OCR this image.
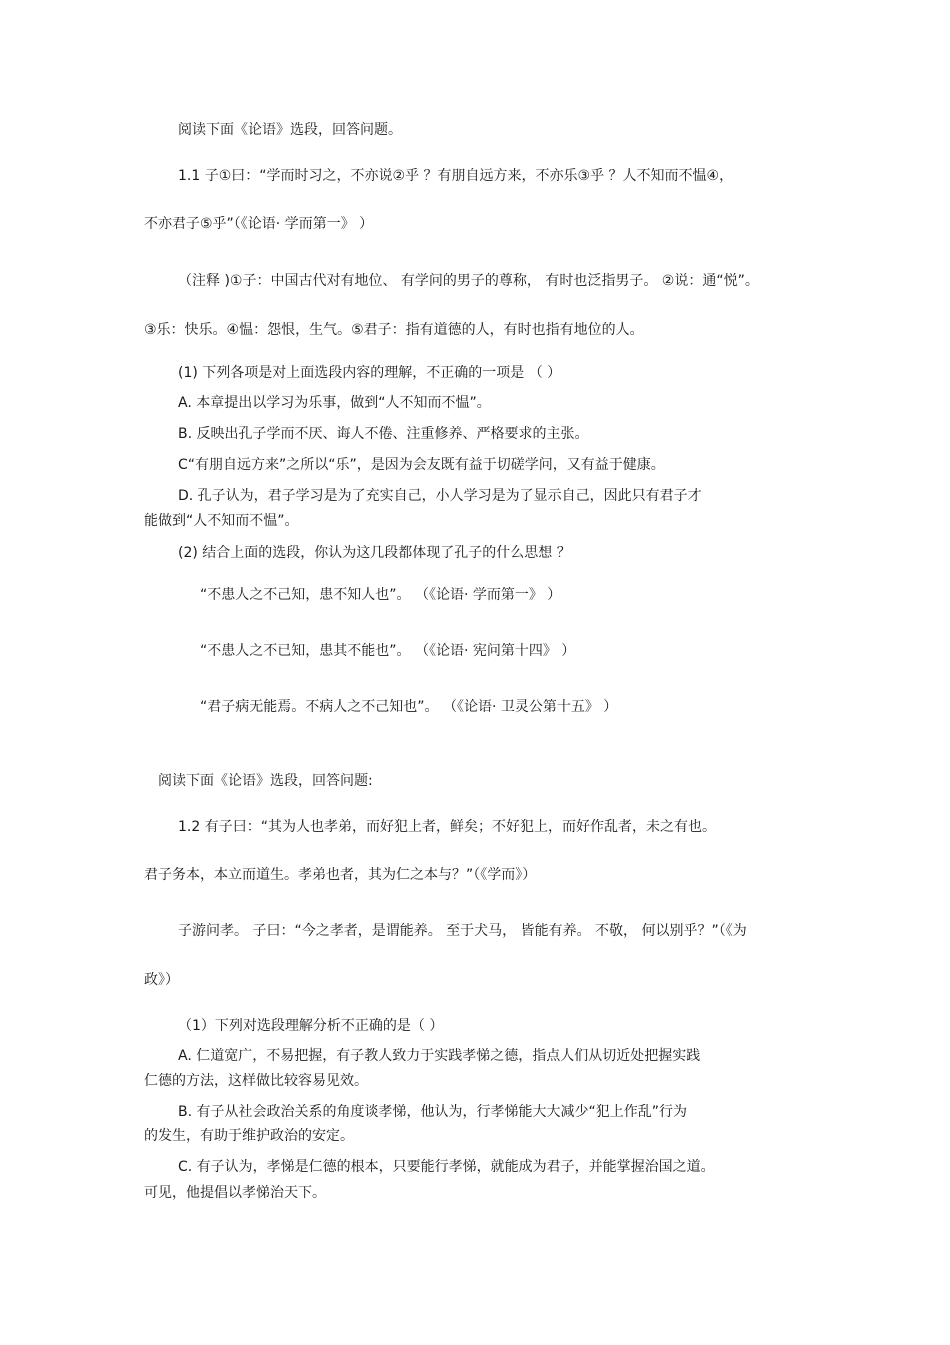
阅读下面《论语》选段，回答问题。
1.1 子①曰：“学而时习之，不亦说②乎 ？有朋自远方来，不亦乐③乎 ？人不知而不愠④，
不亦君子⑤乎”（《论语· 学而第一》 ）
（注释 )①子：中国古代对有地位、 有学问的男子的尊称， 有时也泛指男子。 ②说：通“悦”。
③乐：快乐。④愠：怨恨，生气。⑤君子：指有道德的人，有时也指有地位的人。
(1) 下列各项是对上面选段内容的理解，不正确的一项是 （ ）
A. 本章提出以学习为乐事，做到“人不知而不愠”。
B. 反映出孔子学而不厌、诲人不倦、注重修养、严格要求的主张。
C“有朋自远方来”之所以“乐”，是因为会友既有益于切磋学问，又有益于健康。
D. 孔子认为，君子学习是为了充实自己，小人学习是为了显示自己，因此只有君子才
能做到“人不知而不愠”。
(2) 结合上面的选段，你认为这几段都体现了孔子的什么思想 ？
“不患人之不己知，患不知人也”。 （《论语· 学而第一》 ）
“不患人之不已知，患其不能也”。 （《论语· 宪问第十四》 ）
“君子病无能焉。不病人之不己知也”。 （《论语· 卫灵公第十五》 ）
阅读下面《论语》选段，回答问题:
1.2 有子曰：“其为人也孝弟，而好犯上者，鲜矣；不好犯上，而好作乱者，未之有也。
君子务本，本立而道生。孝弟也者，其为仁之本与？”（《学而》）
子游问孝。 子曰：“今之孝者，是谓能养。 至于犬马， 皆能有养。 不敬， 何以别乎？”（《为
政》）
（1）下列对选段理解分析不正确的是（ ）
A. 仁道宽广，不易把握，有子教人致力于实践孝悌之德，指点人们从切近处把握实践
仁德的方法，这样做比较容易见效。
B. 有子从社会政治关系的角度谈孝悌，他认为，行孝悌能大大减少“犯上作乱”行为
的发生，有助于维护政治的安定。
C. 有子认为，孝悌是仁德的根本，只要能行孝悌，就能成为君子，并能掌握治国之道。
可见，他提倡以孝悌治天下。
